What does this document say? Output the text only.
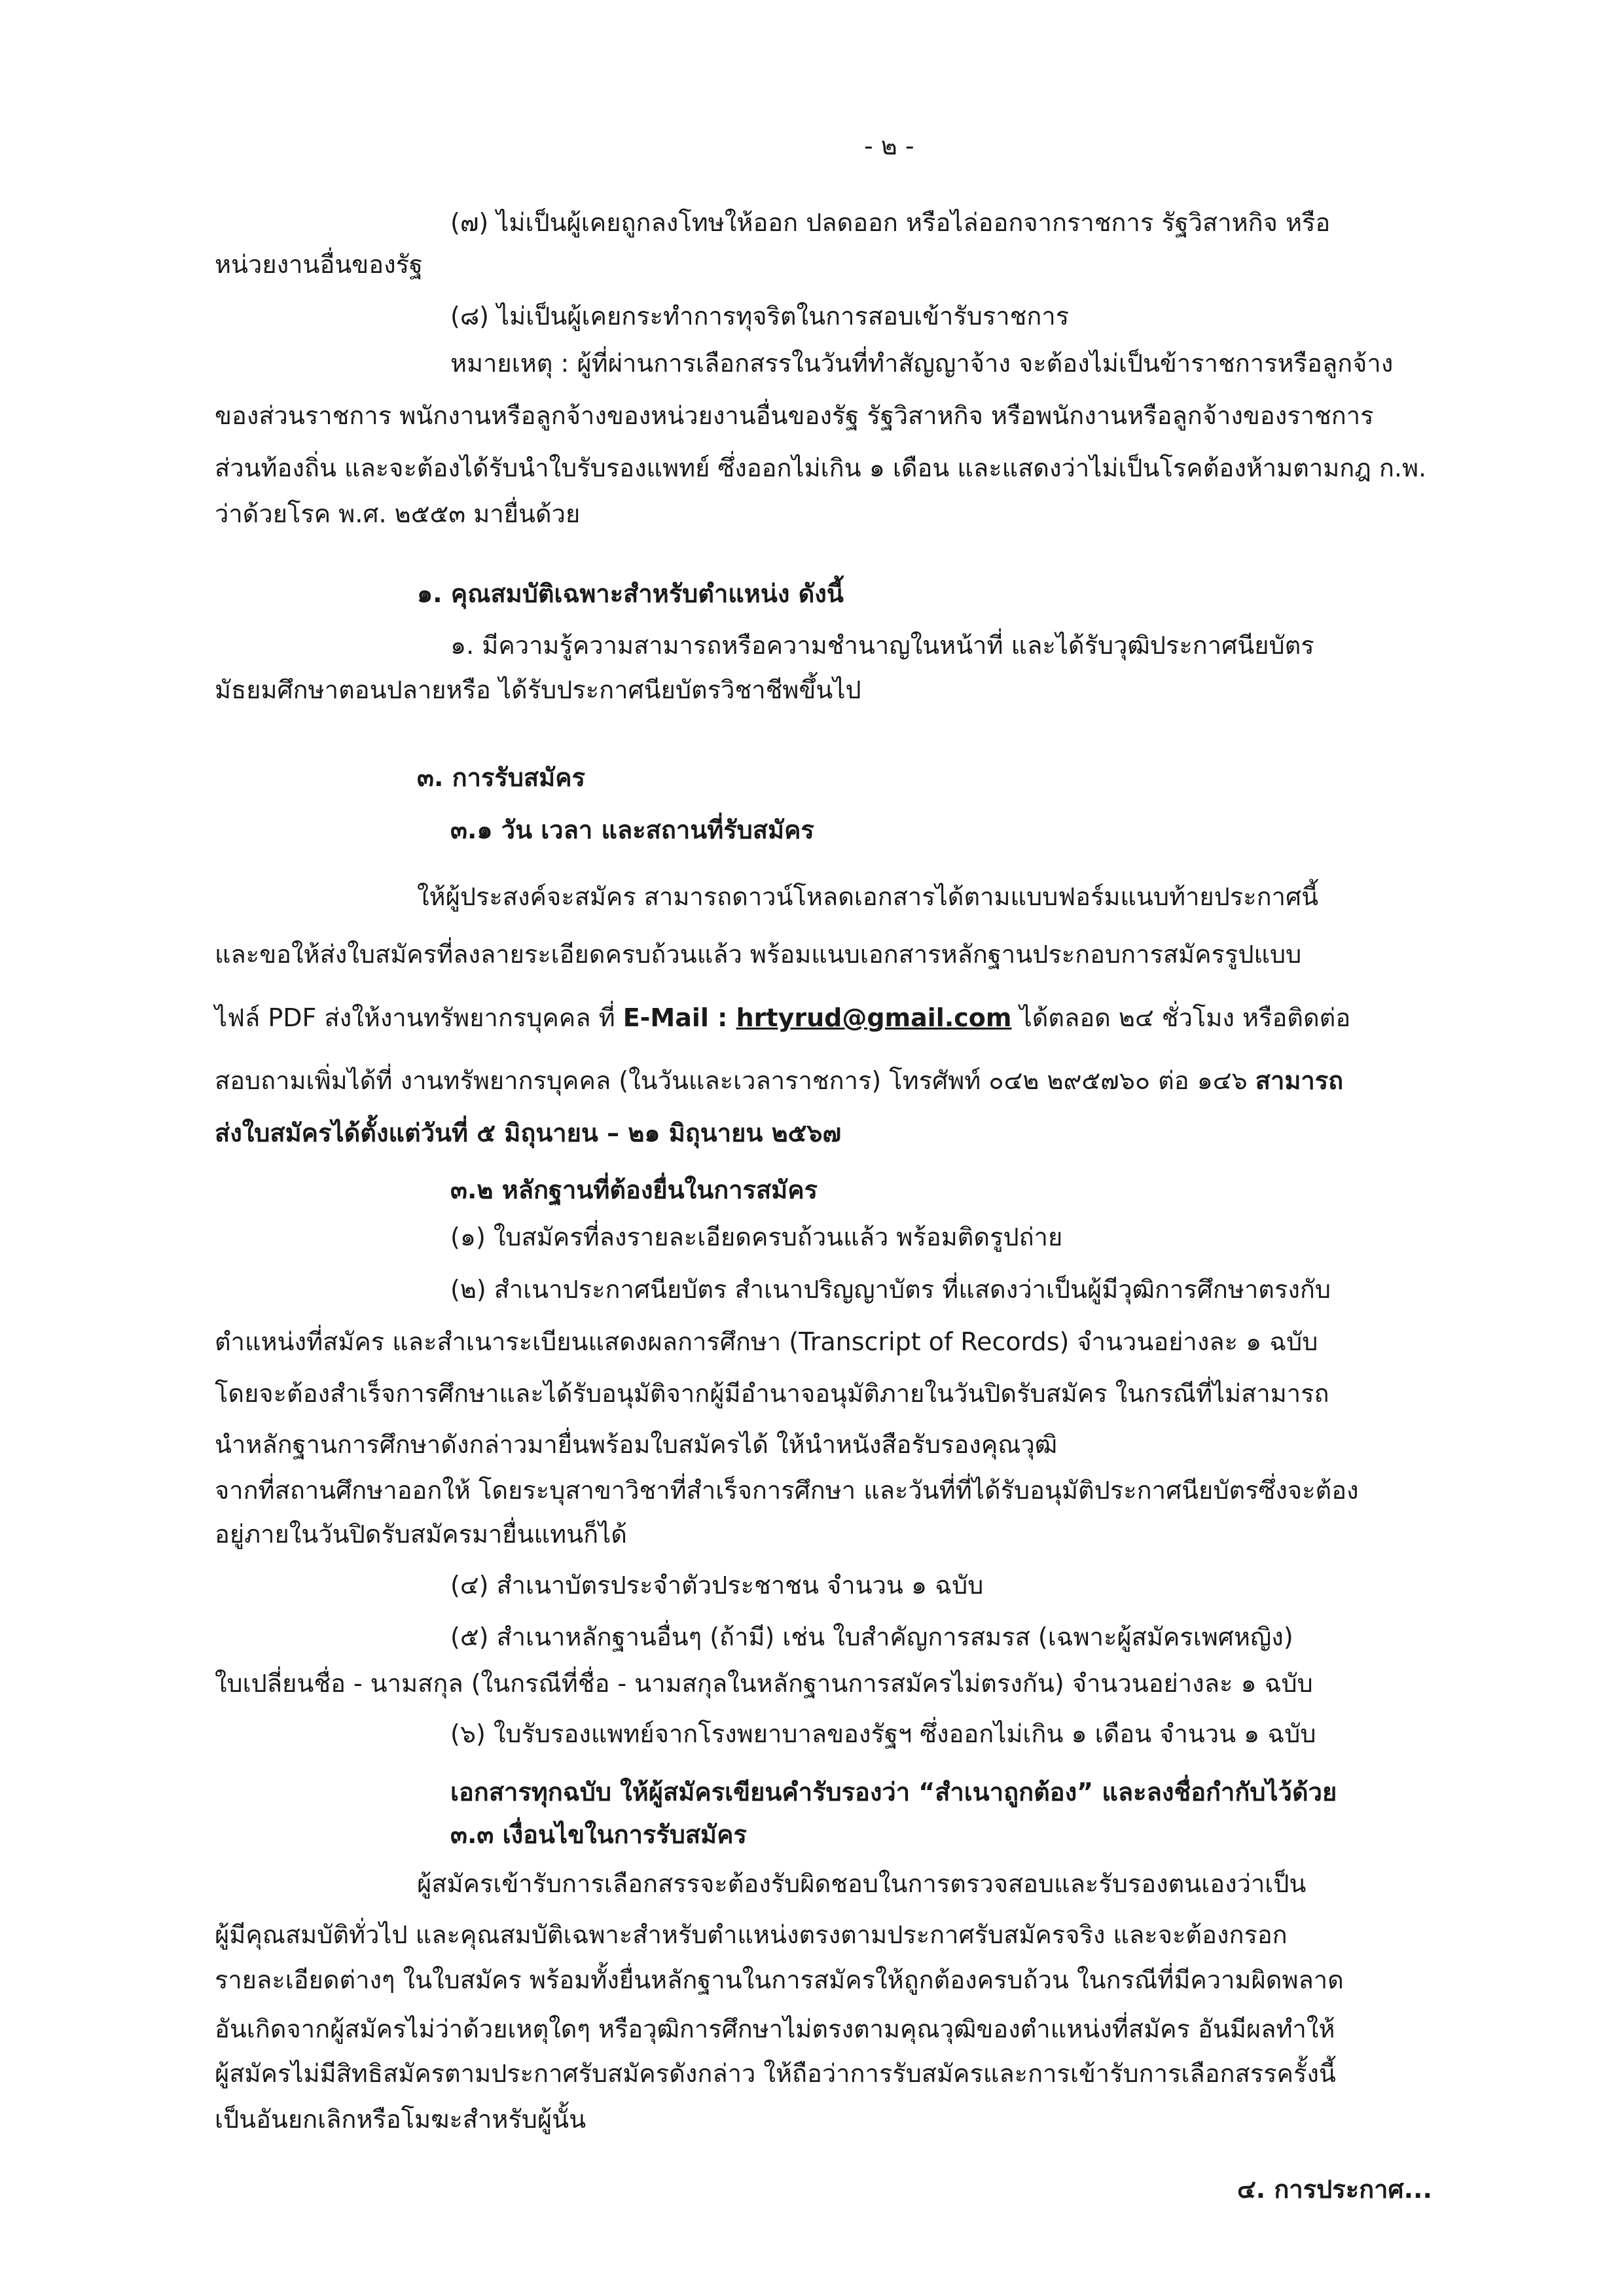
- ๒ -

(๗) ไม่เป็นผู้เคยถูกลงโทษให้ออก ปลดออก หรือไล่ออกจากราชการ รัฐวิสาหกิจ หรือ

หน่วยงานอื่นของรัฐ

(๘) ไม่เป็นผู้เคยกระทำการทุจริตในการสอบเข้ารับราชการ

หมายเหตุ : ผู้ที่ผ่านการเลือกสรรในวันที่ทำสัญญาจ้าง จะต้องไม่เป็นข้าราชการหรือลูกจ้าง

ของส่วนราชการ พนักงานหรือลูกจ้างของหน่วยงานอื่นของรัฐ รัฐวิสาหกิจ หรือพนักงานหรือลูกจ้างของราชการ

ส่วนท้องถิ่น และจะต้องได้รับนำใบรับรองแพทย์ ซึ่งออกไม่เกิน ๑ เดือน และแสดงว่าไม่เป็นโรคต้องห้ามตามกฎ ก.พ.

ว่าด้วยโรค พ.ศ. ๒๕๕๓ มายื่นด้วย

๑. คุณสมบัติเฉพาะสำหรับตำแหน่ง ดังนี้

๑. มีความรู้ความสามารถหรือความชำนาญในหน้าที่ และได้รับวุฒิประกาศนียบัตร

มัธยมศึกษาตอนปลายหรือ ได้รับประกาศนียบัตรวิชาชีพขึ้นไป

๓. การรับสมัคร

๓.๑ วัน เวลา และสถานที่รับสมัคร

ให้ผู้ประสงค์จะสมัคร สามารถดาวน์โหลดเอกสารได้ตามแบบฟอร์มแนบท้ายประกาศนี้

และขอให้ส่งใบสมัครที่ลงลายระเอียดครบถ้วนแล้ว พร้อมแนบเอกสารหลักฐานประกอบการสมัครรูปแบบ

ไฟล์ PDF ส่งให้งานทรัพยากรบุคคล ที่ E-Mail : hrtyrud@gmail.com ได้ตลอด ๒๔ ชั่วโมง หรือติดต่อ

สอบถามเพิ่มได้ที่ งานทรัพยากรบุคคล (ในวันและเวลาราชการ) โทรศัพท์ ๐๔๒ ๒๙๕๗๖๐ ต่อ ๑๔๖ สามารถ

ส่งใบสมัครได้ตั้งแต่วันที่ ๕ มิถุนายน – ๒๑ มิถุนายน ๒๕๖๗

๓.๒ หลักฐานที่ต้องยื่นในการสมัคร

(๑) ใบสมัครที่ลงรายละเอียดครบถ้วนแล้ว พร้อมติดรูปถ่าย

(๒) สำเนาประกาศนียบัตร สำเนาปริญญาบัตร ที่แสดงว่าเป็นผู้มีวุฒิการศึกษาตรงกับ

ตำแหน่งที่สมัคร และสำเนาระเบียนแสดงผลการศึกษา (Transcript of Records) จำนวนอย่างละ ๑ ฉบับ

โดยจะต้องสำเร็จการศึกษาและได้รับอนุมัติจากผู้มีอำนาจอนุมัติภายในวันปิดรับสมัคร ในกรณีที่ไม่สามารถ

นำหลักฐานการศึกษาดังกล่าวมายื่นพร้อมใบสมัครได้ ให้นำหนังสือรับรองคุณวุฒิ

จากที่สถานศึกษาออกให้ โดยระบุสาขาวิชาที่สำเร็จการศึกษา และวันที่ที่ได้รับอนุมัติประกาศนียบัตรซึ่งจะต้อง

อยู่ภายในวันปิดรับสมัครมายื่นแทนก็ได้

(๔) สำเนาบัตรประจำตัวประชาชน จำนวน ๑ ฉบับ

(๕) สำเนาหลักฐานอื่นๆ (ถ้ามี) เช่น ใบสำคัญการสมรส (เฉพาะผู้สมัครเพศหญิง)

ใบเปลี่ยนชื่อ - นามสกุล (ในกรณีที่ชื่อ - นามสกุลในหลักฐานการสมัครไม่ตรงกัน) จำนวนอย่างละ ๑ ฉบับ

(๖) ใบรับรองแพทย์จากโรงพยาบาลของรัฐฯ ซึ่งออกไม่เกิน ๑ เดือน จำนวน ๑ ฉบับ

เอกสารทุกฉบับ ให้ผู้สมัครเขียนคำรับรองว่า “สำเนาถูกต้อง” และลงชื่อกำกับไว้ด้วย

๓.๓ เงื่อนไขในการรับสมัคร

ผู้สมัครเข้ารับการเลือกสรรจะต้องรับผิดชอบในการตรวจสอบและรับรองตนเองว่าเป็น

ผู้มีคุณสมบัติทั่วไป และคุณสมบัติเฉพาะสำหรับตำแหน่งตรงตามประกาศรับสมัครจริง และจะต้องกรอก

รายละเอียดต่างๆ ในใบสมัคร พร้อมทั้งยื่นหลักฐานในการสมัครให้ถูกต้องครบถ้วน ในกรณีที่มีความผิดพลาด

อันเกิดจากผู้สมัครไม่ว่าด้วยเหตุใดๆ หรือวุฒิการศึกษาไม่ตรงตามคุณวุฒิของตำแหน่งที่สมัคร อันมีผลทำให้

ผู้สมัครไม่มีสิทธิสมัครตามประกาศรับสมัครดังกล่าว ให้ถือว่าการรับสมัครและการเข้ารับการเลือกสรรครั้งนี้

เป็นอันยกเลิกหรือโมฆะสำหรับผู้นั้น

๔. การประกาศ...
